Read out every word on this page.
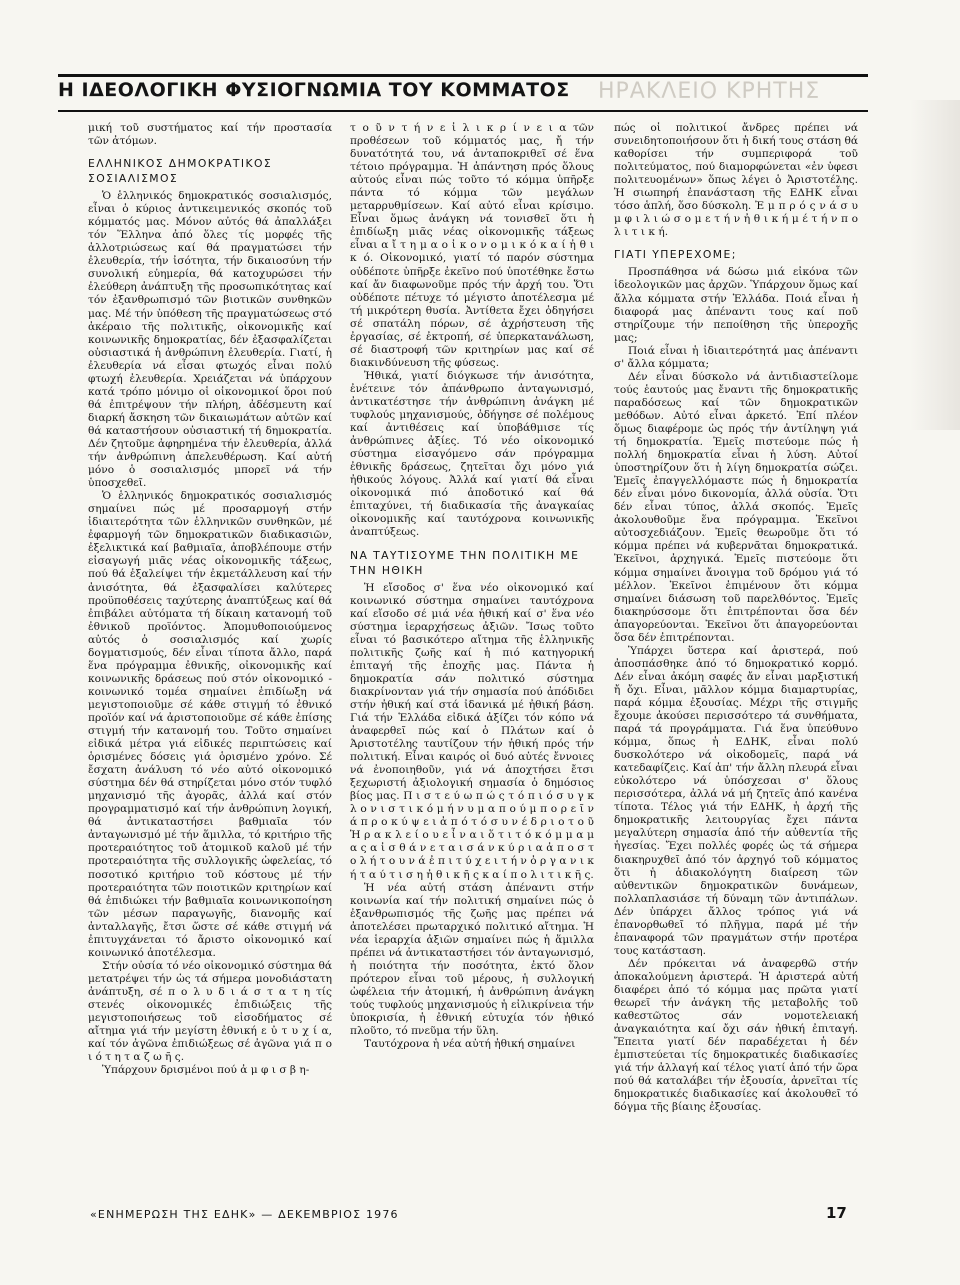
Η ΙΔΕΟΛΟΓΙΚΗ ΦΥΣΙΟΓΝΩΜΙΑ ΤΟΥ ΚΟΜΜΑΤΟΣ ΗΡΑΚΛΕΙΟ ΚΡΗΤΗΣ

μική τοῦ συστήματος καί τήν προστασία τῶν ἀτόμων.

ΕΛΛΗΝΙΚΟΣ ΔΗΜΟΚΡΑΤΙΚΟΣ ΣΟΣΙΑΛΙΣΜΟΣ

Ὁ ἑλληνικός δημοκρατικός σοσιαλισμός, εἶναι ὁ κύριος ἀντικειμενικός σκοπός τοῦ κόμματός μας. Μόνον αὐτός θά ἀπαλλάξει τόν Ἕλληνα ἀπό ὅλες τίς μορφές τῆς ἀλλοτριώσεως καί θά πραγματώσει τήν ἐλευθερία, τήν ἰσότητα, τήν δικαιοσύνη τήν συνολική εὐημερία, θά κατοχυρώσει τήν ἐλεύθερη ἀνάπτυξη τῆς προσωπικότητας καί τόν ἐξανθρωπισμό τῶν βιοτικῶν συνθηκῶν μας. Μέ τήν ὑπόθεση τῆς πραγματώσεως στό ἀκέραιο τῆς πολιτικῆς, οἰκονομικῆς καί κοινωνικῆς δημοκρατίας, δέν ἐξασφαλίζεται οὐσιαστικά ἡ ἀνθρώπινη ἐλευθερία. Γιατί, ἡ ἐλευθερία νά εἶσαι φτωχός εἶναι πολύ φτωχή ἐλευθερία. Χρειάζεται νά ὑπάρχουν κατά τρόπο μόνιμο οἱ οἰκονομικοί ὅροι πού θά ἐπιτρέψουν τήν πλήρη, ἀδέσμευτη καί διαρκή ἄσκηση τῶν δικαιωμάτων αὐτῶν καί θά καταστήσουν οὐσιαστική τή δημοκρατία. Δέν ζητοῦμε ἀφηρημένα τήν ἐλευθερία, ἀλλά τήν ἀνθρώπινη ἀπελευθέρωση. Καί αὐτή μόνο ὁ σοσιαλισμός μπορεῖ νά τήν ὑποσχεθεῖ.

Ὁ ἑλληνικός δημοκρατικός σοσιαλισμός σημαίνει πώς μέ προσαρμογή στήν ἰδιαιτερότητα τῶν ἑλληνικῶν συνθηκῶν, μέ ἐφαρμογή τῶν δημοκρατικῶν διαδικασιῶν, ἐξελικτικά καί βαθμιαῖα, ἀποβλέπουμε στήν εἰσαγωγή μιᾶς νέας οἰκονομικῆς τάξεως, πού θά ἐξαλείψει τήν ἐκμετάλλευση καί τήν ἀνισότητα, θά ἐξασφαλίσει καλύτερες προϋποθέσεις ταχύτερης ἀναπτύξεως καί θά ἐπιβάλει αὐτόματα τή δίκαιη κατανομή τοῦ ἐθνικοῦ προϊόντος. Ἀπομυθοποιούμενος αὐτός ὁ σοσιαλισμός καί χωρίς δογματισμούς, δέν εἶναι τίποτα ἄλλο, παρά ἕνα πρόγραμμα ἐθνικῆς, οἰκονομικῆς καί κοινωνικῆς δράσεως πού στόν οἰκονομικό - κοινωνικό τομέα σημαίνει ἐπιδίωξη νά μεγιστοποιοῦμε σέ κάθε στιγμή τό ἐθνικό προϊόν καί νά ἀριστοποιοῦμε σέ κάθε ἐπίσης στιγμή τήν κατανομή του. Τοῦτο σημαίνει εἰδικά μέτρα γιά εἰδικές περιπτώσεις καί ὁρισμένες δόσεις γιά ὁρισμένο χρόνο. Σέ ἔσχατη ἀνάλυση τό νέο αὐτό οἰκονομικό σύστημα δέν θά στηρίζεται μόνο στόν τυφλό μηχανισμό τῆς ἀγορᾶς, ἀλλά καί στόν προγραμματισμό καί τήν ἀνθρώπινη λογική, θά ἀντικαταστήσει βαθμιαῖα τόν ἀνταγωνισμό μέ τήν ἅμιλλα, τό κριτήριο τῆς προτεραιότητος τοῦ ἀτομικοῦ καλοῦ μέ τήν προτεραιότητα τῆς συλλογικῆς ὠφελείας, τό ποσοτικό κριτήριο τοῦ κόστους μέ τήν προτεραιότητα τῶν ποιοτικῶν κριτηρίων καί θά ἐπιδιώκει τήν βαθμιαῖα κοινωνικοποίηση τῶν μέσων παραγωγῆς, διανομῆς καί ἀνταλλαγῆς, ἔτσι ὥστε σέ κάθε στιγμή νά ἐπιτυγχάνεται τό ἄριστο οἰκονομικό καί κοινωνικό ἀποτέλεσμα.

Στήν οὐσία τό νέο οἰκονομικό σύστημα θά μετατρέψει τήν ὡς τά σήμερα μονοδιάστατη ἀνάπτυξη, σέ π ο λ υ δ ι ά σ τ α τ η τίς στενές οἰκονομικές ἐπιδιώξεις τῆς μεγιστοποιήσεως τοῦ εἰσοδήματος σέ αἴτημα γιά τήν μεγίστη ἐθνική ε ὐ τ υ χ ί α, καί τόν ἀγῶνα ἐπιδιώξεως σέ ἀγῶνα γιά π ο ι ό τ η τ α ζ ω ῆ ς.

Ὑπάρχουν δρισμένοι πού ἀ μ φ ι σ β η-

τ ο ῦ ν τ ή ν ε ἰ λ ι κ ρ ί ν ε ι α τῶν προθέσεων τοῦ κόμματός μας, ἤ τήν δυνατότητά του, νά ἀνταποκριθεῖ σέ ἕνα τέτοιο πρόγραμμα. Ἡ ἀπάντηση πρός ὅλους αὐτούς εἶναι πώς τοῦτο τό κόμμα ὑπῆρξε πάντα τό κόμμα τῶν μεγάλων μεταρρυθμίσεων. Καί αὐτό εἶναι κρίσιμο. Εἶναι ὅμως ἀνάγκη νά τονισθεῖ ὅτι ἡ ἐπιδίωξη μιᾶς νέας οἰκονομικῆς τάξεως εἶναι α ἴ τ η μ α ο ἰ κ ο ν ο μ ι κ ό κ α ί ἠ θ ι κ ό. Οἰκονομικό, γιατί τό παρόν σύστημα οὐδέποτε ὑπῆρξε ἐκεῖνο πού ὑποτέθηκε ἔστω καί ἄν διαφωνοῦμε πρός τήν ἀρχή του. Ὅτι οὐδέποτε πέτυχε τό μέγιστο ἀποτέλεσμα μέ τή μικρότερη θυσία. Ἀντίθετα ἔχει ὁδηγήσει σέ σπατάλη πόρων, σέ ἀχρήστευση τῆς ἐργασίας, σέ ἐκτροπή, σέ ὑπερκατανάλωση, σέ διαστροφή τῶν κριτηρίων μας καί σέ διακινδύνευση τῆς φύσεως.

Ἠθικά, γιατί διόγκωσε τήν ἀνισότητα, ἐνέτεινε τόν ἀπάνθρωπο ἀνταγωνισμό, ἀντικατέστησε τήν ἀνθρώπινη ἀνάγκη μέ τυφλούς μηχανισμούς, ὁδήγησε σέ πολέμους καί ἀντιθέσεις καί ὑποβάθμισε τίς ἀνθρώπινες ἀξίες. Τό νέο οἰκονομικό σύστημα εἰσαγόμενο σάν πρόγραμμα ἐθνικῆς δράσεως, ζητεῖται ὄχι μόνο γιά ἠθικούς λόγους. Ἀλλά καί γιατί θά εἶναι οἰκονομικά πιό ἀποδοτικό καί θά ἐπιταχύνει, τή διαδικασία τῆς ἀναγκαίας οἰκονομικῆς καί ταυτόχρονα κοινωνικῆς ἀναπτύξεως.

ΝΑ ΤΑΥΤΙΣΟΥΜΕ ΤΗΝ ΠΟΛΙΤΙΚΗ ΜΕ ΤΗΝ ΗΘΙΚΗ

Ἡ εἴσοδος σ' ἕνα νέο οἰκονομικό καί κοινωνικό σύστημα σημαίνει ταυτόχρονα καί εἴσοδο σέ μιά νέα ἠθική καί σ' ἕνα νέο σύστημα ἱεραρχήσεως ἀξιῶν. Ἴσως τοῦτο εἶναι τό βασικότερο αἴτημα τῆς ἑλληνικῆς πολιτικῆς ζωῆς καί ἡ πιό κατηγορική ἐπιταγή τῆς ἐποχῆς μας. Πάντα ἡ δημοκρατία σάν πολιτικό σύστημα διακρίνονταν γιά τήν σημασία πού ἀπόδιδει στήν ἠθική καί στά ἰδανικά μέ ἠθική βάση. Γιά τήν Ἑλλάδα εἰδικά ἀξίζει τόν κόπο νά ἀναφερθεῖ πώς καί ὁ Πλάτων καί ὁ Ἀριστοτέλης ταυτίζουν τήν ἠθική πρός τήν πολιτική. Εἶναι καιρός οἱ δυό αὐτές ἔννοιες νά ἐνοποιηθοῦν, γιά νά ἀποχτήσει ἔτσι ξεχωριστή ἀξιολογική σημασία ὁ δημόσιος βίος μας. Π ι σ τ ε ύ ω π ώ ς τ ό π ι ό σ υ γ κ λ ο ν ι σ τ ι κ ό μ ή ν υ μ α π ο ύ μ π ο ρ ε ῖ ν ά π ρ ο κ ύ ψ ε ι ἀ π ό τ ό σ υ ν έ δ ρ ι ο τ ο ῦ Ἡ ρ α κ λ ε ί ο υ ε ἶ ν α ι ὅ τ ι τ ό κ ό μ μ α μ α ς α ἰ σ θ ά ν ε τ α ι σ ά ν κ ύ ρ ι α ἀ π ο σ τ ο λ ή τ ο υ ν ά ἐ π ι τ ύ χ ε ι τ ή ν ὀ ρ γ α ν ι κ ή τ α ύ τ ι σ η ἠ θ ι κ ῆ ς κ α ί π ο λ ι τ ι κ ῆ ς.

Ἡ νέα αὐτή στάση ἀπέναντι στήν κοινωνία καί τήν πολιτική σημαίνει πώς ὁ ἐξανθρωπισμός τῆς ζωῆς μας πρέπει νά ἀποτελέσει πρωταρχικό πολιτικό αἴτημα. Ἡ νέα ἱεραρχία ἀξιῶν σημαίνει πώς ἡ ἅμιλλα πρέπει νά ἀντικαταστήσει τόν ἀνταγωνισμό, ἡ ποιότητα τήν ποσότητα, ἐκτό ὅλον πρότερον εἶναι τοῦ μέρους, ἡ συλλογική ὠφέλεια τήν ἀτομική, ἡ ἀνθρώπινη ἀνάγκη τούς τυφλούς μηχανισμούς ἡ εἰλικρίνεια τήν ὑποκρισία, ἡ ἐθνική εὐτυχία τόν ἠθικό πλοῦτο, τό πνεῦμα τήν ὕλη.

Ταυτόχρονα ἡ νέα αὐτή ἠθική σημαίνει

πώς οἱ πολιτικοί ἄνδρες πρέπει νά συνειδητοποιήσουν ὅτι ἡ δική τους στάση θά καθορίσει τήν συμπεριφορά τοῦ πολιτεύματος, πού διαμορφώνεται «ἐν ὑφεσι πολιτευομένων» ὅπως λέγει ὁ Ἀριστοτέλης. Ἡ σιωπηρή ἐπανάσταση τῆς ΕΔΗΚ εἶναι τόσο ἁπλή, ὅσο δύσκολη. Ἐ μ π ρ ό ς ν ά σ υ μ φ ι λ ι ώ σ ο μ ε τ ή ν ἠ θ ι κ ή μ έ τ ή ν π ο λ ι τ ι κ ή.

ΓΙΑΤΙ ΥΠΕΡΕΧΟΜΕ;

Προσπάθησα νά δώσω μιά εἰκόνα τῶν ἰδεολογικῶν μας ἀρχῶν. Ὑπάρχουν ὅμως καί ἄλλα κόμματα στήν Ἑλλάδα. Ποιά εἶναι ἡ διαφορά μας ἀπέναντι τους καί ποῦ στηρίζουμε τήν πεποίθηση τῆς ὑπεροχῆς μας;

Ποιά εἶναι ἡ ἰδιαιτερότητά μας ἀπέναντι σ' ἄλλα κόμματα;

Δέν εἶναι δύσκολο νά ἀντιδιαστείλομε τούς ἑαυτούς μας ἔναντι τῆς δημοκρατικῆς παραδόσεως καί τῶν δημοκρατικῶν μεθόδων. Αὐτό εἶναι ἀρκετό. Ἐπί πλέον ὅμως διαφέρομε ὡς πρός τήν ἀντίληψη γιά τή δημοκρατία. Ἐμεῖς πιστεύομε πώς ἡ πολλή δημοκρατία εἶναι ἡ λύση. Αὐτοί ὑποστηρίζουν ὅτι ἡ λίγη δημοκρατία σώζει. Ἐμεῖς ἐπαγγελλόμαστε πώς ἡ δημοκρατία δέν εἶναι μόνο δικονομία, ἀλλά οὐσία. Ὅτι δέν εἶναι τύπος, ἀλλά σκοπός. Ἐμεῖς ἀκολουθοῦμε ἕνα πρόγραμμα. Ἐκεῖνοι αὐτοσχεδιάζουν. Ἐμεῖς θεωροῦμε ὅτι τό κόμμα πρέπει νά κυβερνᾶται δημοκρατικά. Ἐκεῖνοι, ἀρχηγικά. Ἐμεῖς πιστεύομε ὅτι κόμμα σημαίνει ἄνοιγμα τοῦ δρόμου γιά τό μέλλον. Ἐκεῖνοι ἐπιμένουν ὅτι κόμμα σημαίνει διάσωση τοῦ παρελθόντος. Ἐμεῖς διακηρύσσομε ὅτι ἐπιτρέπονται ὅσα δέν ἀπαγορεύονται. Ἐκεῖνοι ὅτι ἀπαγορεύονται ὅσα δέν ἐπιτρέπονται.

Ὑπάρχει ὕστερα καί ἀριστερά, πού ἀποσπάσθηκε ἀπό τό δημοκρατικό κορμό. Δέν εἶναι ἀκόμη σαφές ἄν εἶναι μαρξιστική ἤ ὄχι. Εἶναι, μᾶλλον κόμμα διαμαρτυρίας, παρά κόμμα ἐξουσίας. Μέχρι τῆς στιγμῆς ἔχουμε ἀκούσει περισσότερο τά συνθήματα, παρά τά προγράμματα. Γιά ἕνα ὑπεύθυνο κόμμα, ὅπως ἡ ΕΔΗΚ, εἶναι πολύ δυσκολότερο νά οἰκοδομεῖς, παρά νά κατεδαφίζεις. Καί ἀπ' τήν ἄλλη πλευρά εἶναι εὐκολότερο νά ὑπόσχεσαι σ' ὅλους περισσότερα, ἀλλά νά μή ζητεῖς ἀπό κανένα τίποτα. Τέλος γιά τήν ΕΔΗΚ, ἡ ἀρχή τῆς δημοκρατικῆς λειτουργίας ἔχει πάντα μεγαλύτερη σημασία ἀπό τήν αὐθεντία τῆς ἡγεσίας. Ἔχει πολλές φορές ὡς τά σήμερα διακηρυχθεῖ ἀπό τόν ἀρχηγό τοῦ κόμματος ὅτι ἡ ἀδιακολόγητη διαίρεση τῶν αὐθεντικῶν δημοκρατικῶν δυνάμεων, πολλαπλασιάσε τή δύναμη τῶν ἀντιπάλων. Δέν ὑπάρχει ἄλλος τρόπος γιά νά ἐπανορθωθεῖ τό πλῆγμα, παρά μέ τήν ἐπαναφορά τῶν πραγμάτων στήν προτέρα τους κατάσταση.

Δέν πρόκειται νά ἀναφερθῶ στήν ἀποκαλούμενη ἀριστερά. Ἡ ἀριστερά αὐτή διαφέρει ἀπό τό κόμμα μας πρῶτα γιατί θεωρεῖ τήν ἀνάγκη τῆς μεταβολῆς τοῦ καθεστῶτος σάν νομοτελειακή ἀναγκαιότητα καί ὄχι σάν ἠθική ἐπιταγή. Ἔπειτα γιατί δέν παραδέχεται ἡ δέν ἐμπιστεύεται τίς δημοκρατικές διαδικασίες γιά τήν ἀλλαγή καί τέλος γιατί ἀπό τήν ὥρα πού θά καταλάβει τήν ἐξουσία, ἀρνεῖται τίς δημοκρατικές διαδικασίες καί ἀκολουθεῖ τό δόγμα τῆς βίαιης ἐξουσίας.

«ΕΝΗΜΕΡΩΣΗ ΤΗΣ ΕΔΗΚ» — ΔΕΚΕΜΒΡΙΟΣ 1976	17
